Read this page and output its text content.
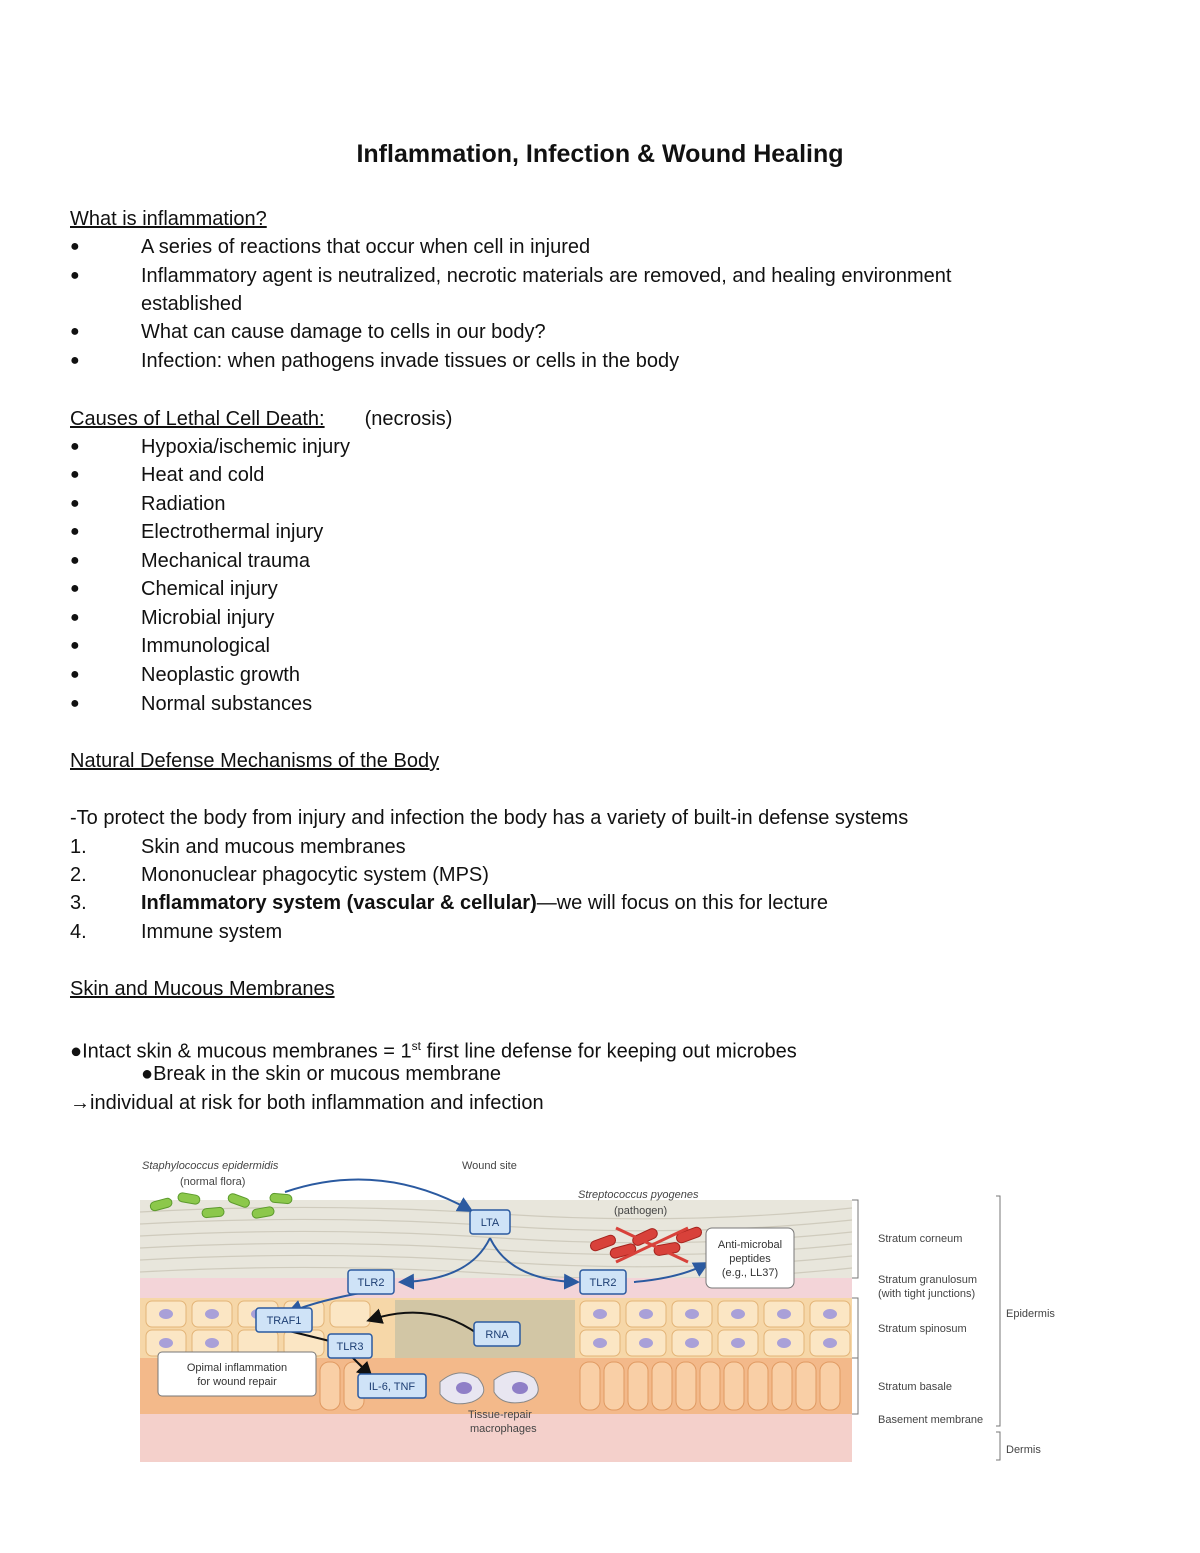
Inflammation, Infection & Wound Healing
What is inflammation?
●	A series of reactions that occur when cell in injured
●	Inflammatory agent is neutralized, necrotic materials are removed, and healing environment
established
●	What can cause damage to cells in our body?
●	Infection: when pathogens invade tissues or cells in the body
Causes of Lethal Cell Death: (necrosis)
●	Hypoxia/ischemic injury
●	Heat and cold
●	Radiation
●	Electrothermal injury
●	Mechanical trauma
●	Chemical injury
●	Microbial injury
●	Immunological
●	Neoplastic growth
●	Normal substances
Natural Defense Mechanisms of the Body
-To protect the body from injury and infection the body has a variety of built-in defense systems
1.	Skin and mucous membranes
2.	Mononuclear phagocytic system (MPS)
3.	Inflammatory system (vascular & cellular)—we will focus on this for lecture
4.	Immune system
Skin and Mucous Membranes
●Intact skin & mucous membranes = 1st first line defense for keeping out microbes
●Break in the skin or mucous membrane
→individual at risk for both inflammation and infection
Staphylococcus epidermidis
(normal flora)
Wound site
Streptococcus pyogenes
(pathogen)
Stratum corneum
Stratum granulosum
(with tight junctions)
Stratum spinosum
Stratum basale
Basement membrane
Epidermis
Dermis
Tissue-repair
macrophages
LTA
TLR2	TLR2
TRAF1
TLR3
RNA
IL-6, TNF
Anti-microbal
peptides
(e.g., LL37)
Opimal inflammation
for wound repair
